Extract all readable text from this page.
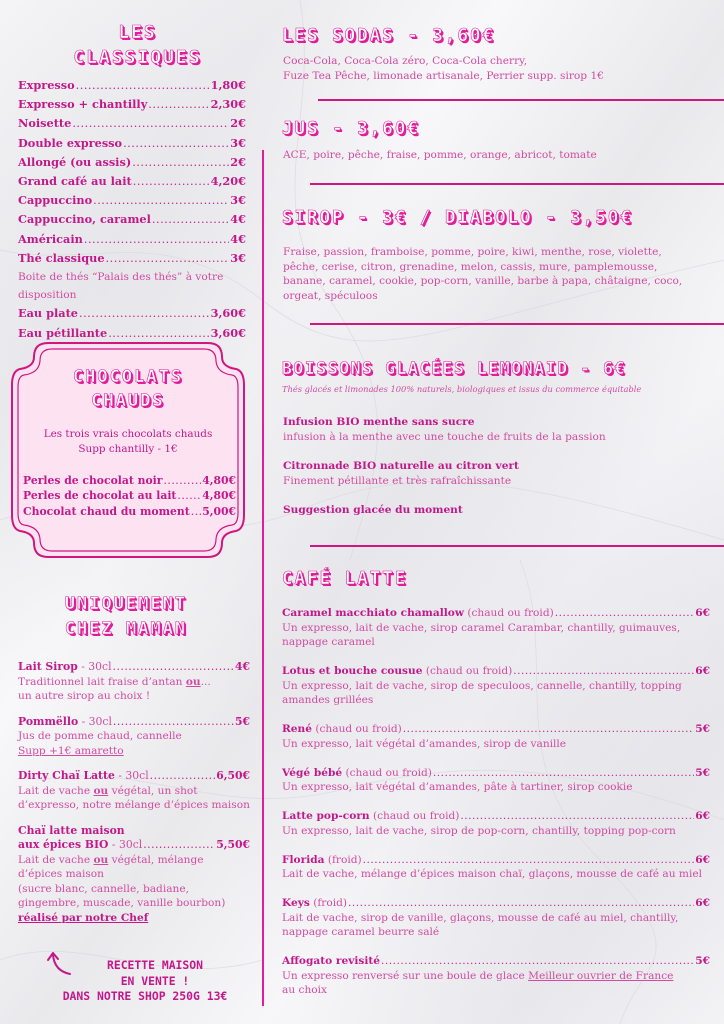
LES
CLASSIQUES
Expresso .....	1,80€
Expresso + chantilly .....	2,30€
Noisette .....	2€
Double expresso .....	3€
Allongé (ou assis) .....	2€
Grand café au lait .....	4,20€
Cappuccino .....	3€
Cappuccino, caramel .....	4€
Américain .....	4€
Thé classique .....	3€
Boite de thés “Palais des thés” à votre
disposition
Eau plate .....	3,60€
Eau pétillante .....	3,60€
CHOCOLATS
CHAUDS
Les trois vrais chocolats chauds
Supp chantilly - 1€
Perles de chocolat noir .....	4,80€
Perles de chocolat au lait ..... 4,80€
Chocolat chaud du moment ..... 5,00€
UNIQUEMENT
CHEZ MAMAN
Lait Sirop - 30cl .....	4€
Traditionnel lait fraise d’antan ou...
un autre sirop au choix !
Pommëllo - 30cl .....	5€
Jus de pomme chaud, cannelle
Supp +1€ amaretto
Dirty Chaï Latte - 30cl .....	6,50€
Lait de vache ou végétal, un shot
d’expresso, notre mélange d’épices maison
Chaï latte maison
aux épices BIO - 30cl .....	5,50€
Lait de vache ou végétal, mélange
d’épices maison
(sucre blanc, cannelle, badiane,
gingembre, muscade, vanille bourbon)
réalisé par notre Chef
RECETTE MAISON
EN VENTE !
DANS NOTRE SHOP 250G 13€
LES SODAS - 3,60€
Coca-Cola, Coca-Cola zéro, Coca-Cola cherry,
Fuze Tea Pêche, limonade artisanale, Perrier supp. sirop 1€
JUS - 3,60€
ACE, poire, pêche, fraise, pomme, orange, abricot, tomate
SIROP - 3€ / DIABOLO - 3,50€
Fraise, passion, framboise, pomme, poire, kiwi, menthe, rose, violette,
pêche, cerise, citron, grenadine, melon, cassis, mure, pamplemousse,
banane, caramel, cookie, pop-corn, vanille, barbe à papa, châtaigne, coco,
orgeat, spéculoos
BOISSONS GLACÉES LEMONAID - 6€
Thés glacés et limonades 100% naturels, biologiques et issus du commerce équitable
Infusion BIO menthe sans sucre
infusion à la menthe avec une touche de fruits de la passion
Citronnade BIO naturelle au citron vert
Finement pétillante et très rafraîchissante
Suggestion glacée du moment
CAFÉ LATTE
Caramel macchiato chamallow (chaud ou froid) .....	6€
Un expresso, lait de vache, sirop caramel Carambar, chantilly, guimauves,
nappage caramel
Lotus et bouche cousue (chaud ou froid) .....	6€
Un expresso, lait de vache, sirop de speculoos, cannelle, chantilly, topping
amandes grillées
René (chaud ou froid) .....	5€
Un expresso, lait végétal d’amandes, sirop de vanille
Végé bébé (chaud ou froid) .....	5€
Un expresso, lait végétal d’amandes, pâte à tartiner, sirop cookie
Latte pop-corn (chaud ou froid) .....	6€
Un expresso, lait de vache, sirop de pop-corn, chantilly, topping pop-corn
Florida (froid) .....	6€
Lait de vache, mélange d’épices maison chaï, glaçons, mousse de café au miel
Keys (froid) .....	6€
Lait de vache, sirop de vanille, glaçons, mousse de café au miel, chantilly,
nappage caramel beurre salé
Affogato revisité .....	5€
Un expresso renversé sur une boule de glace Meilleur ouvrier de France
au choix
